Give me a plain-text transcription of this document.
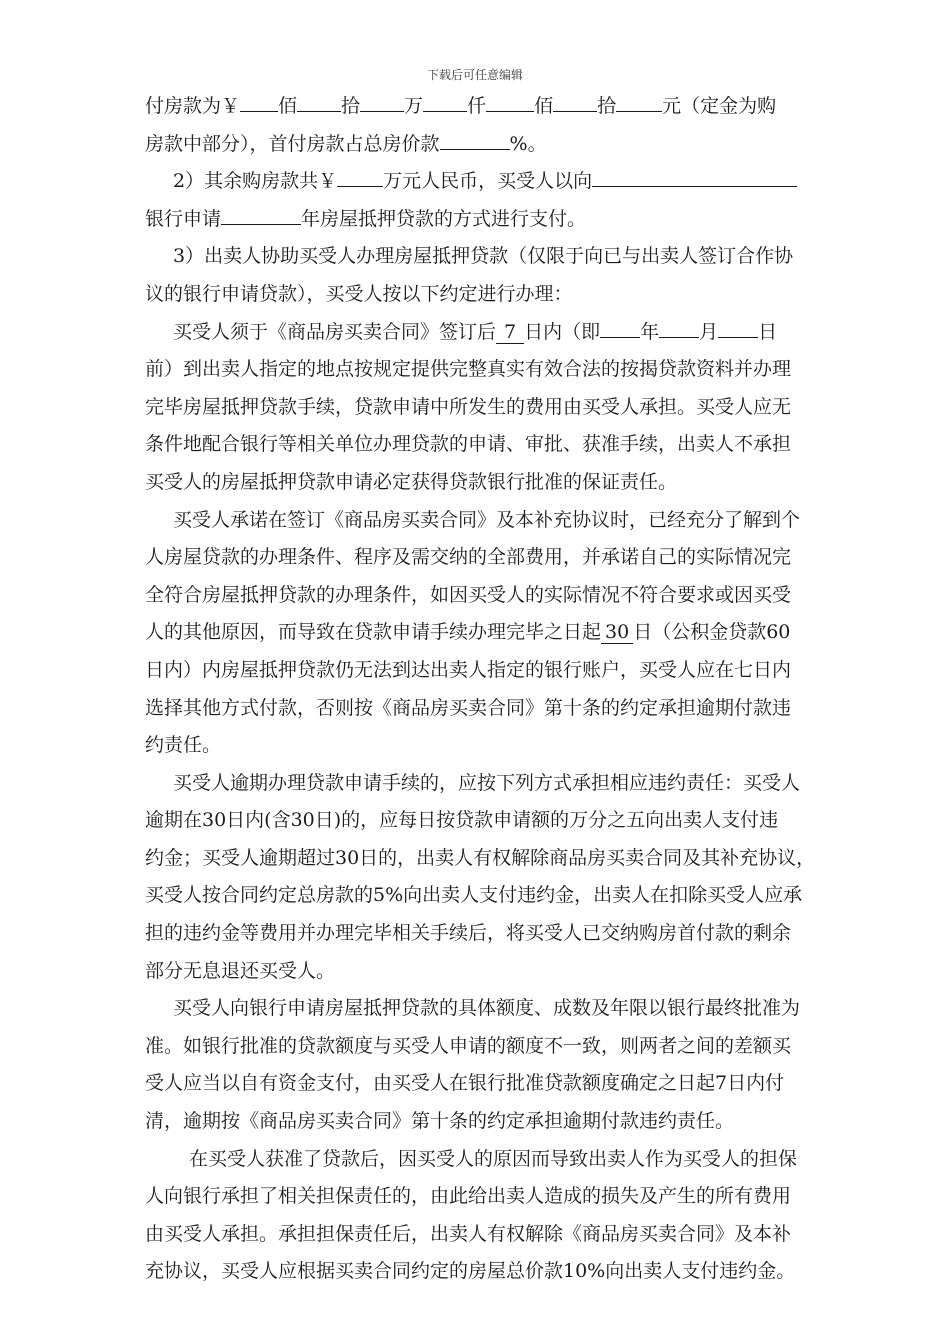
下载后可任意编辑
付房款为￥ 佰 拾 万 仟	佰 拾 元（定金为购
房款中部分），首付房款占总房价款	%。
2）其余购房款共￥ 万元人民币，买受人以向
银行申请	年房屋抵押贷款的方式进行支付。
3）出卖人协助买受人办理房屋抵押贷款（仅限于向已与出卖人签订合作协
议的银行申请贷款），买受人按以下约定进行办理：
买受人须于《商品房买卖合同》签订后 7 日内（即 年 月 日
前）到出卖人指定的地点按规定提供完整真实有效合法的按揭贷款资料并办理
完毕房屋抵押贷款手续，贷款申请中所发生的费用由买受人承担。买受人应无
条件地配合银行等相关单位办理贷款的申请、审批、获准手续，出卖人不承担
买受人的房屋抵押贷款申请必定获得贷款银行批准的保证责任。
买受人承诺在签订《商品房买卖合同》及本补充协议时，已经充分了解到个
人房屋贷款的办理条件、程序及需交纳的全部费用，并承诺自己的实际情况完
全符合房屋抵押贷款的办理条件，如因买受人的实际情况不符合要求或因买受
人的其他原因，而导致在贷款申请手续办理完毕之日起 30 日（公积金贷款60
日内）内房屋抵押贷款仍无法到达出卖人指定的银行账户，买受人应在七日内
选择其他方式付款，否则按《商品房买卖合同》第十条的约定承担逾期付款违
约责任。
买受人逾期办理贷款申请手续的，应按下列方式承担相应违约责任：买受人
逾期在30日内(含30日)的，应每日按贷款申请额的万分之五向出卖人支付违
约金；买受人逾期超过30日的，出卖人有权解除商品房买卖合同及其补充协议，
买受人按合同约定总房款的5%向出卖人支付违约金，出卖人在扣除买受人应承
担的违约金等费用并办理完毕相关手续后，将买受人已交纳购房首付款的剩余
部分无息退还买受人。
买受人向银行申请房屋抵押贷款的具体额度、成数及年限以银行最终批准为
准。如银行批准的贷款额度与买受人申请的额度不一致，则两者之间的差额买
受人应当以自有资金支付，由买受人在银行批准贷款额度确定之日起7日内付
清，逾期按《商品房买卖合同》第十条的约定承担逾期付款违约责任。
在买受人获准了贷款后，因买受人的原因而导致出卖人作为买受人的担保
人向银行承担了相关担保责任的，由此给出卖人造成的损失及产生的所有费用
由买受人承担。承担担保责任后，出卖人有权解除《商品房买卖合同》及本补
充协议，买受人应根据买卖合同约定的房屋总价款10%向出卖人支付违约金。
